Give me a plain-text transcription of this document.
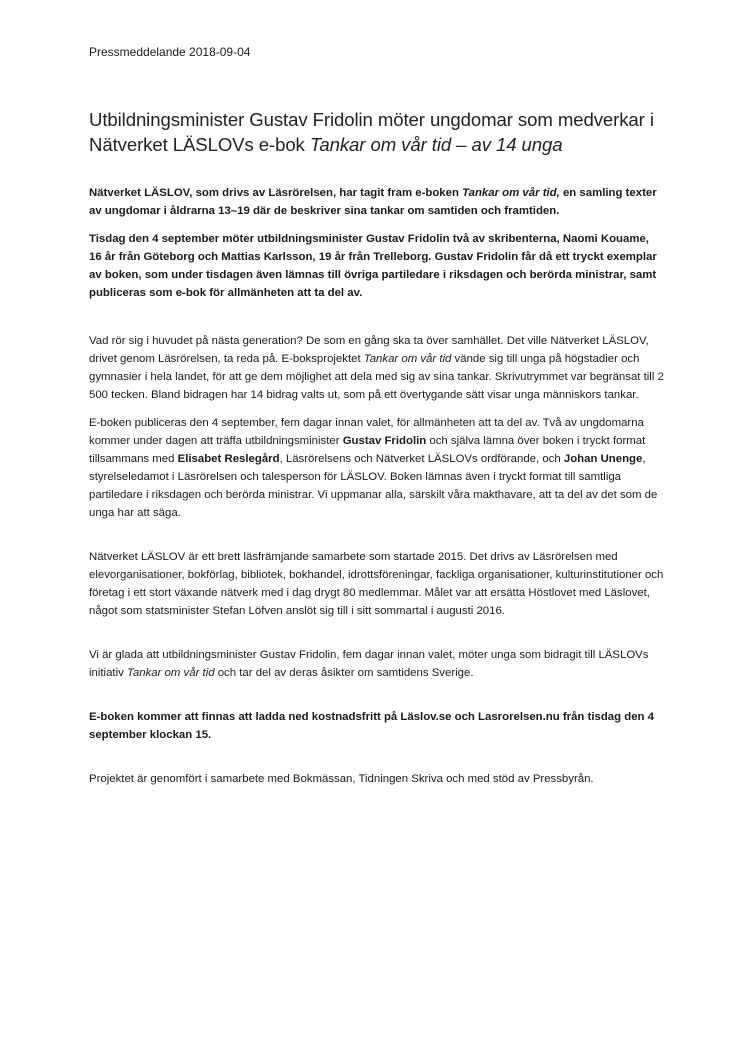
Pressmeddelande 2018-09-04
Utbildningsminister Gustav Fridolin möter ungdomar som medverkar i Nätverket LÄSLOVs e-bok Tankar om vår tid – av 14 unga

Nätverket LÄSLOV, som drivs av Läsrörelsen, har tagit fram e-boken Tankar om vår tid, en samling texter av ungdomar i åldrarna 13–19 där de beskriver sina tankar om samtiden och framtiden.

Tisdag den 4 september möter utbildningsminister Gustav Fridolin två av skribenterna, Naomi Kouame, 16 år från Göteborg och Mattias Karlsson, 19 år från Trelleborg. Gustav Fridolin får då ett tryckt exemplar av boken, som under tisdagen även lämnas till övriga partiledare i riksdagen och berörda ministrar, samt publiceras som e-bok för allmänheten att ta del av.

Vad rör sig i huvudet på nästa generation? De som en gång ska ta över samhället. Det ville Nätverket LÄSLOV, drivet genom Läsrörelsen, ta reda på. E-boksprojektet Tankar om vår tid vände sig till unga på högstadier och gymnasier i hela landet, för att ge dem möjlighet att dela med sig av sina tankar. Skrivutrymmet var begränsat till 2 500 tecken. Bland bidragen har 14 bidrag valts ut, som på ett övertygande sätt visar unga människors tankar.

E-boken publiceras den 4 september, fem dagar innan valet, för allmänheten att ta del av. Två av ungdomarna kommer under dagen att träffa utbildningsminister Gustav Fridolin och själva lämna över boken i tryckt format tillsammans med Elisabet Reslegård, Läsrörelsens och Nätverket LÄSLOVs ordförande, och Johan Unenge, styrelseledamot i Läsrörelsen och talesperson för LÄSLOV. Boken lämnas även i tryckt format till samtliga partiledare i riksdagen och berörda ministrar. Vi uppmanar alla, särskilt våra makthavare, att ta del av det som de unga har att säga.

Nätverket LÄSLOV är ett brett läsfrämjande samarbete som startade 2015. Det drivs av Läsrörelsen med elevorganisationer, bokförlag, bibliotek, bokhandel, idrottsföreningar, fackliga organisationer, kulturinstitutioner och företag i ett stort växande nätverk med i dag drygt 80 medlemmar. Målet var att ersätta Höstlovet med Läslovet, något som statsminister Stefan Löfven anslöt sig till i sitt sommartal i augusti 2016.

Vi är glada att utbildningsminister Gustav Fridolin, fem dagar innan valet, möter unga som bidragit till LÄSLOVs initiativ Tankar om vår tid och tar del av deras åsikter om samtidens Sverige.

E-boken kommer att finnas att ladda ned kostnadsfritt på Läslov.se och Lasrorelsen.nu från tisdag den 4 september klockan 15.

Projektet är genomfört i samarbete med Bokmässan, Tidningen Skriva och med stöd av Pressbyrån.
